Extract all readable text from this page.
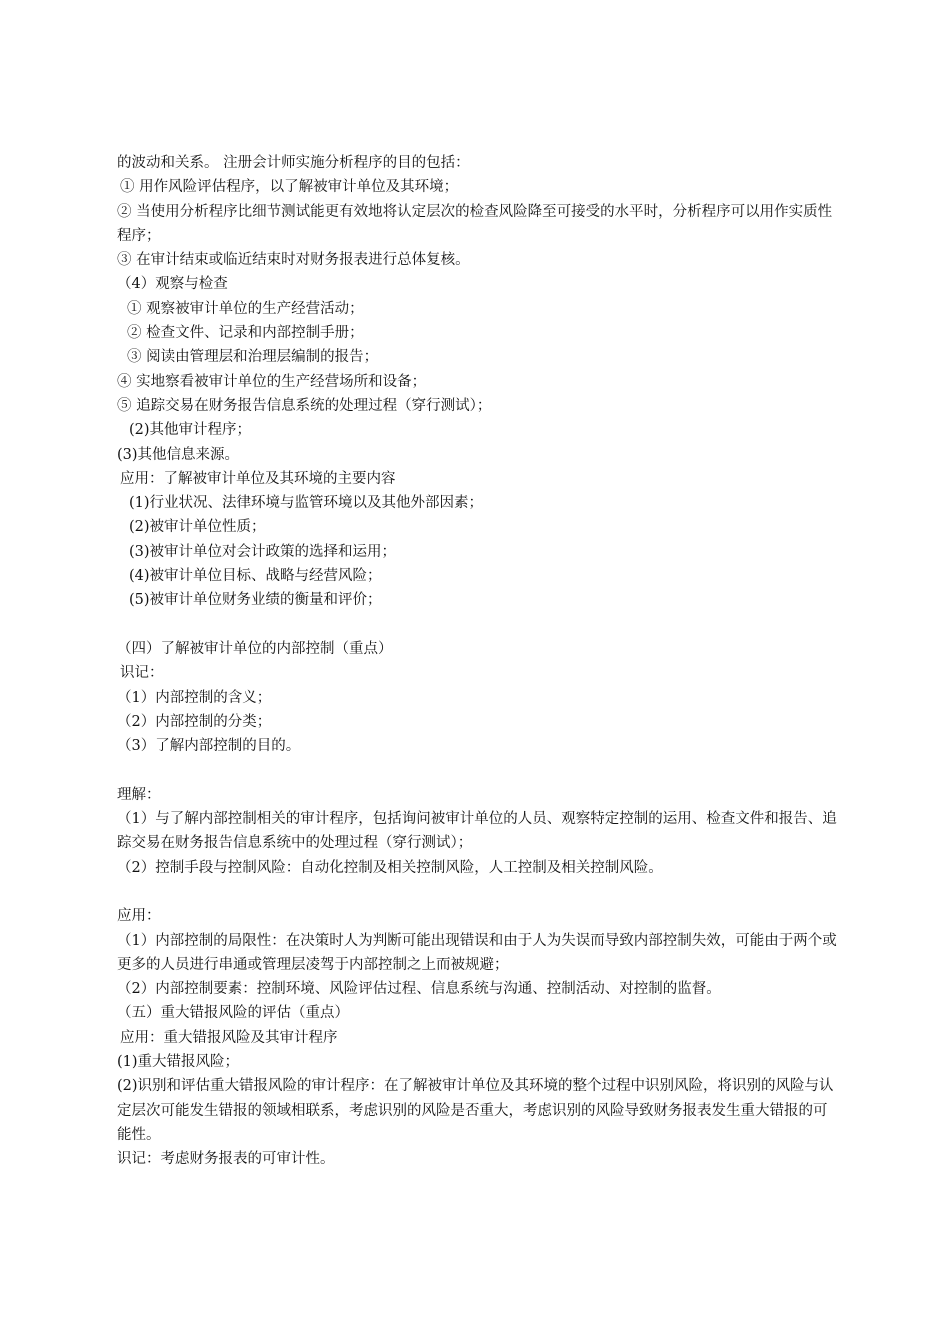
的波动和关系。 注册会计师实施分析程序的目的包括：
① 用作风险评估程序，以了解被审计单位及其环境；
② 当使用分析程序比细节测试能更有效地将认定层次的检查风险降至可接受的水平时，分析程序可以用作实质性程序；
③ 在审计结束或临近结束时对财务报表进行总体复核。
（4）观察与检查
① 观察被审计单位的生产经营活动；
② 检查文件、记录和内部控制手册；
③ 阅读由管理层和治理层编制的报告；
④ 实地察看被审计单位的生产经营场所和设备；
⑤ 追踪交易在财务报告信息系统的处理过程（穿行测试）；
(2)其他审计程序；
(3)其他信息来源。
应用：了解被审计单位及其环境的主要内容
(1)行业状况、法律环境与监管环境以及其他外部因素；
(2)被审计单位性质；
(3)被审计单位对会计政策的选择和运用；
(4)被审计单位目标、战略与经营风险；
(5)被审计单位财务业绩的衡量和评价；
（四）了解被审计单位的内部控制（重点）
识记：
（1）内部控制的含义；
（2）内部控制的分类；
（3）了解内部控制的目的。
理解：
（1）与了解内部控制相关的审计程序，包括询问被审计单位的人员、观察特定控制的运用、检查文件和报告、追踪交易在财务报告信息系统中的处理过程（穿行测试）；
（2）控制手段与控制风险：自动化控制及相关控制风险，人工控制及相关控制风险。
应用：
（1）内部控制的局限性：在决策时人为判断可能出现错误和由于人为失误而导致内部控制失效，可能由于两个或更多的人员进行串通或管理层凌驾于内部控制之上而被规避；
（2）内部控制要素：控制环境、风险评估过程、信息系统与沟通、控制活动、对控制的监督。
（五）重大错报风险的评估（重点）
应用：重大错报风险及其审计程序
(1)重大错报风险；
(2)识别和评估重大错报风险的审计程序：在了解被审计单位及其环境的整个过程中识别风险，将识别的风险与认定层次可能发生错报的领域相联系，考虑识别的风险是否重大，考虑识别的风险导致财务报表发生重大错报的可能性。
识记：考虑财务报表的可审计性。
